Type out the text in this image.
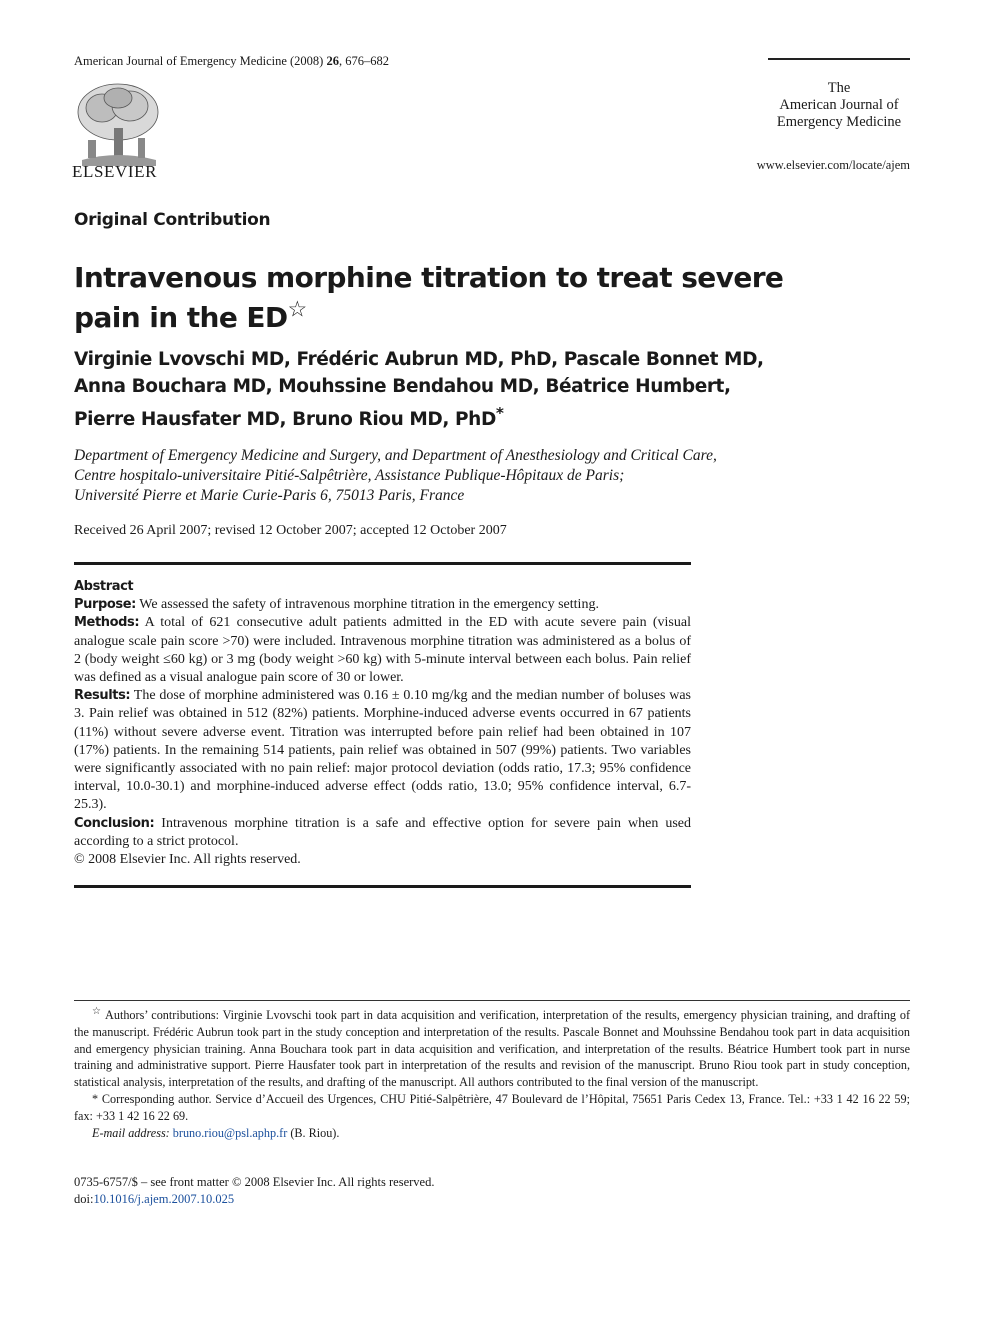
American Journal of Emergency Medicine (2008) 26, 676–682
ELSEVIER
The
American Journal of
Emergency Medicine
www.elsevier.com/locate/ajem
Original Contribution
Intravenous morphine titration to treat severe pain in the ED☆
Virginie Lvovschi MD, Frédéric Aubrun MD, PhD, Pascale Bonnet MD,
Anna Bouchara MD, Mouhssine Bendahou MD, Béatrice Humbert,
Pierre Hausfater MD, Bruno Riou MD, PhD*
Department of Emergency Medicine and Surgery, and Department of Anesthesiology and Critical Care,
Centre hospitalo-universitaire Pitié-Salpêtrière, Assistance Publique-Hôpitaux de Paris;
Université Pierre et Marie Curie-Paris 6, 75013 Paris, France
Received 26 April 2007; revised 12 October 2007; accepted 12 October 2007

Abstract

Purpose: We assessed the safety of intravenous morphine titration in the emergency setting.

Methods: A total of 621 consecutive adult patients admitted in the ED with acute severe pain (visual analogue scale pain score >70) were included. Intravenous morphine titration was administered as a bolus of 2 (body weight ≤60 kg) or 3 mg (body weight >60 kg) with 5-minute interval between each bolus. Pain relief was defined as a visual analogue pain score of 30 or lower.

Results: The dose of morphine administered was 0.16 ± 0.10 mg/kg and the median number of boluses was 3. Pain relief was obtained in 512 (82%) patients. Morphine-induced adverse events occurred in 67 patients (11%) without severe adverse event. Titration was interrupted before pain relief had been obtained in 107 (17%) patients. In the remaining 514 patients, pain relief was obtained in 507 (99%) patients. Two variables were significantly associated with no pain relief: major protocol deviation (odds ratio, 17.3; 95% confidence interval, 10.0-30.1) and morphine-induced adverse effect (odds ratio, 13.0; 95% confidence interval, 6.7-25.3).

Conclusion: Intravenous morphine titration is a safe and effective option for severe pain when used according to a strict protocol.

© 2008 Elsevier Inc. All rights reserved.

☆ Authors’ contributions: Virginie Lvovschi took part in data acquisition and verification, interpretation of the results, emergency physician training, and drafting of the manuscript. Frédéric Aubrun took part in the study conception and interpretation of the results. Pascale Bonnet and Mouhssine Bendahou took part in data acquisition and emergency physician training. Anna Bouchara took part in data acquisition and verification, and interpretation of the results. Béatrice Humbert took part in nurse training and administrative support. Pierre Hausfater took part in interpretation of the results and revision of the manuscript. Bruno Riou took part in study conception, statistical analysis, interpretation of the results, and drafting of the manuscript. All authors contributed to the final version of the manuscript.

* Corresponding author. Service d’Accueil des Urgences, CHU Pitié-Salpêtrière, 47 Boulevard de l’Hôpital, 75651 Paris Cedex 13, France. Tel.: +33 1 42 16 22 59; fax: +33 1 42 16 22 69.

E-mail address: bruno.riou@psl.aphp.fr (B. Riou).

0735-6757/$ – see front matter © 2008 Elsevier Inc. All rights reserved.
doi:10.1016/j.ajem.2007.10.025
